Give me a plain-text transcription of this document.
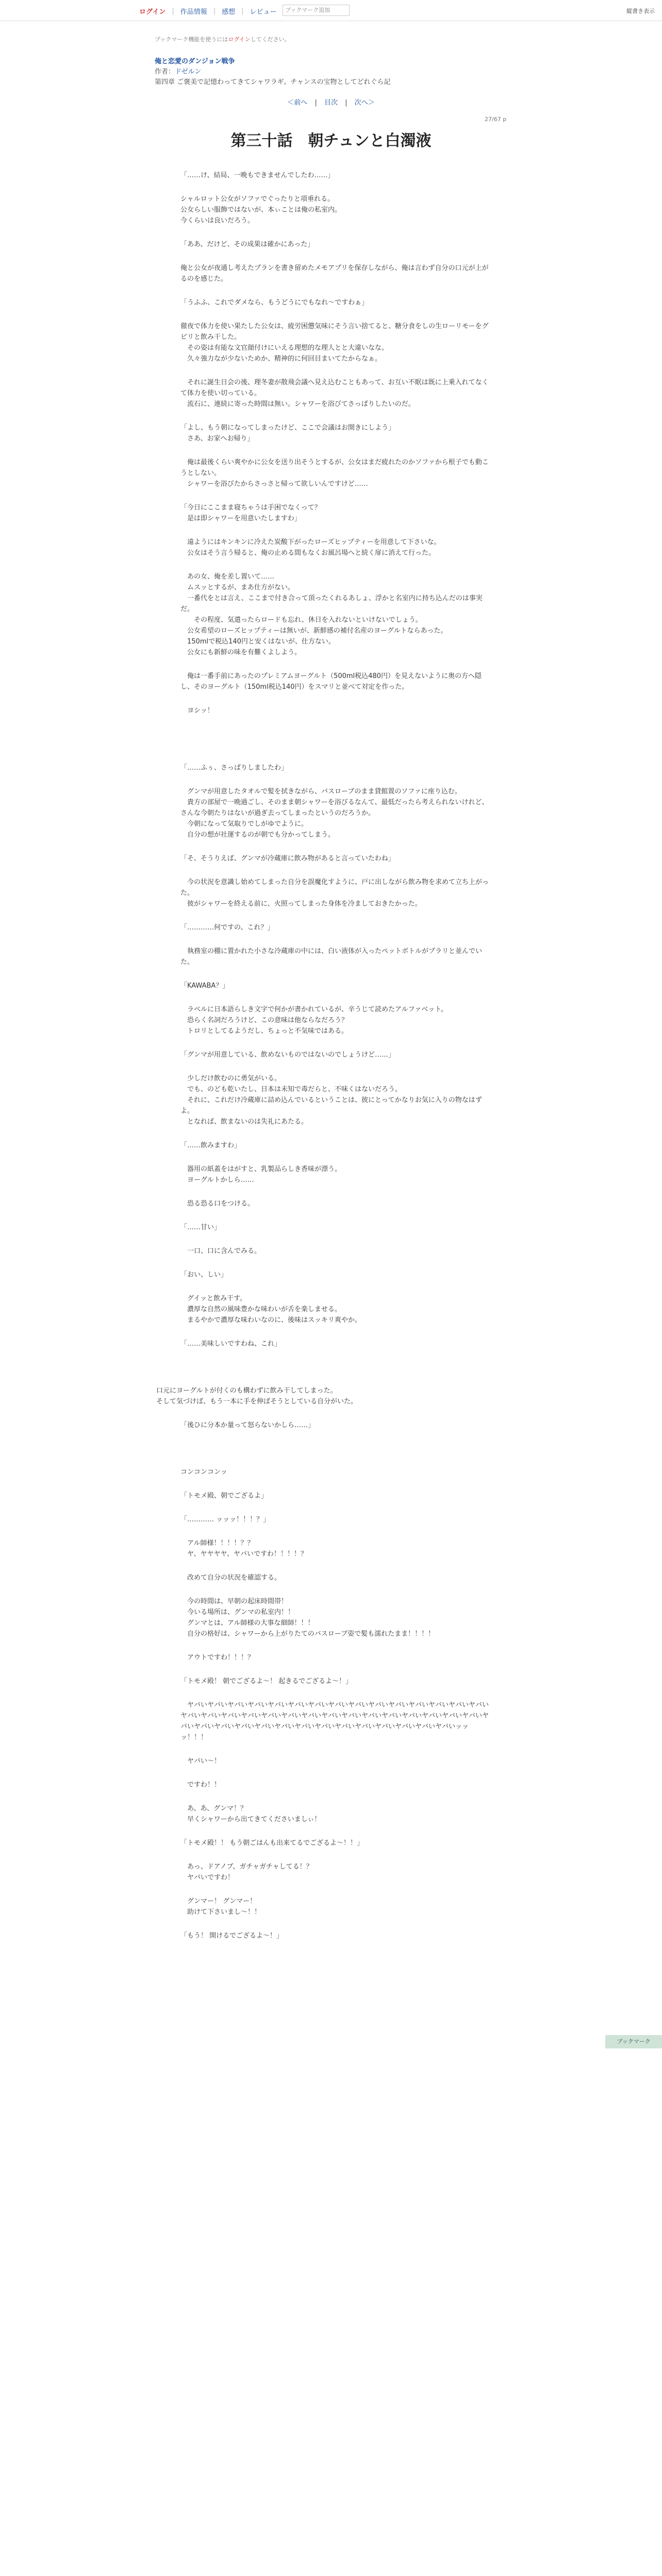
ログイン | 作品情報 | 感想 | レビュー	ブックマーク追加	縦書き表示
ブックマーク機能を使うにはログインしてください。
俺と恋愛のダンジョン戦争
作者：ドゼルン
第四章 ご褒美で記憶わってきてシャワラギ。チャンスの宝物としてどれぐら記
＜前へ | 目次 | 次へ＞
27/67 p
第三十話　朝チュンと白濁液

「……け、結局、一晩もできませんでしたわ……」

シャルロット公女がソファでぐったりと項垂れる。
公女らしい服飾ではないが、本ぃことは俺の私室内。
今くらいは良いだろう。

「ああ、だけど、その成果は確かにあった」

俺と公女が夜通し考えたプランを書き留めたメモアプリを保存しながら、俺は言わず自分の口元が上がるのを感じた。

「うふふ、これでダメなら、もうどうにでもなれ〜ですわぁ」

徹夜で体力を使い果たした公女は、疲労困憊気味にそう言い捨てると、糖分食をしの生ローリモーをグビリと飲み干した。
　その姿は有能な文官顔付けにいえる理想的な理人とと大違いなな。
　久々強力なが少ないためか、精神的に何回目まいてたからなぁ。

　それに誕生日会の後、理冬妻が散飛会議へ見え込むこともあって、お互い不眠は既に上乗入れてなくて体力を使い切っている。
　流石に、連続に寄った時間は無い。シャワーを浴びてさっぱりしたいのだ。

「よし、もう朝になってしまったけど、ここで会議はお開きにしよう」
　さあ、お家へお帰り」

　俺は最後くらい爽やかに公女を送り出そうとするが、公女はまだ疲れたのかソファから根子でも動こうとしない。
　シャワーを浴びたからさっさと帰って欲しいんですけど……

「今日にここまま寝ちゃうは手困でなくって？
　是は即シャワーを用意いたしますわ」

　遠ようにはキンキンに冷えた炭酸下がったローズヒップティーを用意して下さいな。
　公女はそう言う帰ると、俺の止める間もなくお風呂場へと続く扉に消えて行った。

　あの女、俺を差し置いて……
　ムスッとするが、まあ仕方がない。
　一番代をとは言え、ここまで付き合って頂ったくれるあしょ、浮かと名室内に持ち込んだのは事実だ。
　　その程度、気遣ったらロードも忘れ、休日を入れないといけないでしょう。
　公女希望のローズヒップティーは無いが、新鮮感の補付名産のヨーグルトならあった。
　150mlで税込140円と安くはないが、仕方ない。
　公女にも新鮮の味を有難くよしよう。

　俺は一番手前にあったのプレミアムヨーグルト（500ml税込480円）を見えないように奥の方へ隠し、そのヨーグルト（150ml税込140円）をスマリと並べて対定を作った。

　ヨシッ！

「……ふぅ、さっぱりしましたわ」

　グンマが用意したタオルで髪を拭きながら、バスローブのまま貸館置のソファに座り込む。
　貴方の部屋で一晩過ごし、そのまま朝シャワーを浴びるなんて、最低だったら考えられないけれど、さんな今朝たりはないが過ぎ去ってしまったというのだろうか。
　今朝になって気取りでしがゆでように。
　自分の想が社運するのが朝でも分かってしまう。

「そ、そうりえば、グンマが冷蔵庫に飲み物があると言っていたわね」

　今の状況を意識し始めてしまった自分を誤魔化すように、戸に出しながら飲み物を求めて立ち上がった。
　彼がシャワーを終える前に、火照ってしまった身体を冷ましておきたかった。

「…………何ですの、これ？」

　執務室の棚に置かれた小さな冷蔵庫の中には、白い液体が入ったペットボトルがプラリと並んでいた。

「KAWABA？」

　ラベルに日本語らしき文字で何かが書かれているが、辛うじて読めたアルファベット。
　恐らく名詞だろうけど、この意味は他ならなだろう？
　トロリとしてるようだし、ちょっと不気味ではある。

「グンマが用意している、飲めないものではないのでしょうけど……」

　少しだけ飲むのに勇気がいる。
　でも、のども乾いたし、日本は未知で毒だらと、不味くはないだろう。
　それに、これだけ冷蔵庫に詰め込んでいるということは、彼にとってかなりお気に入りの物なはずよ。
　となれば、飲まないのは失礼にあたる。

「……飲みますわ」

　器用の紙蓋をはがすと、乳製品らしき香味が漂う。
　ヨーグルトかしら……

　恐る恐る口をつける。

「……甘い」

　一口、口に含んでみる。

「おい、しい」

　グイッと飲み干す。
　濃厚な自然の風味豊かな味わいが舌を楽しませる。
　まるやかで濃厚な味わいなのに、後味はスッキリ爽やか。

「……美味しいですわね、これ」

　口元にヨーグルトが付くのも構わずに飲み干してしまった。
　そして気づけば、もう一本に手を伸ばそうとしている自分がいた。

「後ひに分本か量って怒らないかしら……」

コンコンコンッ

「トモメ殿、朝でござるよ」

「………… ッッッ！！！？」

　アル師様！！！！？？
　ヤ、ヤヤヤヤ、ヤバいですわ！！！！？

　改めて自分の状況を確認する。

　今の時間は、早朝の起床時間帯！
　今いる場所は、グンマの私室内！！
　グンマとは、アル師様の大事な細師！！！
　自分の格好は、シャワーから上がりたてのバスローブ姿で髪も濡れたまま！！！！

　アウトですわ！！！？

「トモメ殿！ 朝でござるよ〜！ 起きるでござるよ〜！」

　ヤバいヤバいヤバいヤバいヤバいヤバいヤバいヤバいヤバいヤバいヤバいヤバいヤバいヤバいヤバいヤバいヤバいヤバいヤバいヤバいヤバいヤバいヤバいヤバいヤバいヤバいヤバいヤバいヤバいヤバいヤバいヤバいヤバいヤバいヤバいヤバいヤバいヤバいヤバいヤバいヤバいヤバいヤバいヤバいッッッ！！！

　ヤバい〜！

　ですわ！！

　あ、あ、グンマ！？
　早くシャワーから出てきてくださいましぃ！

「トモメ殿！！ もう朝ごはんも出来てるでござるよ〜！！」

　あっ、ドアノブ、ガチャガチャしてる！？
　ヤバいですわ！

　グンマー！ グンマー！
　助けて下さいまし〜！！

「もう！ 開けるでござるよ〜！」

ブックマーク
